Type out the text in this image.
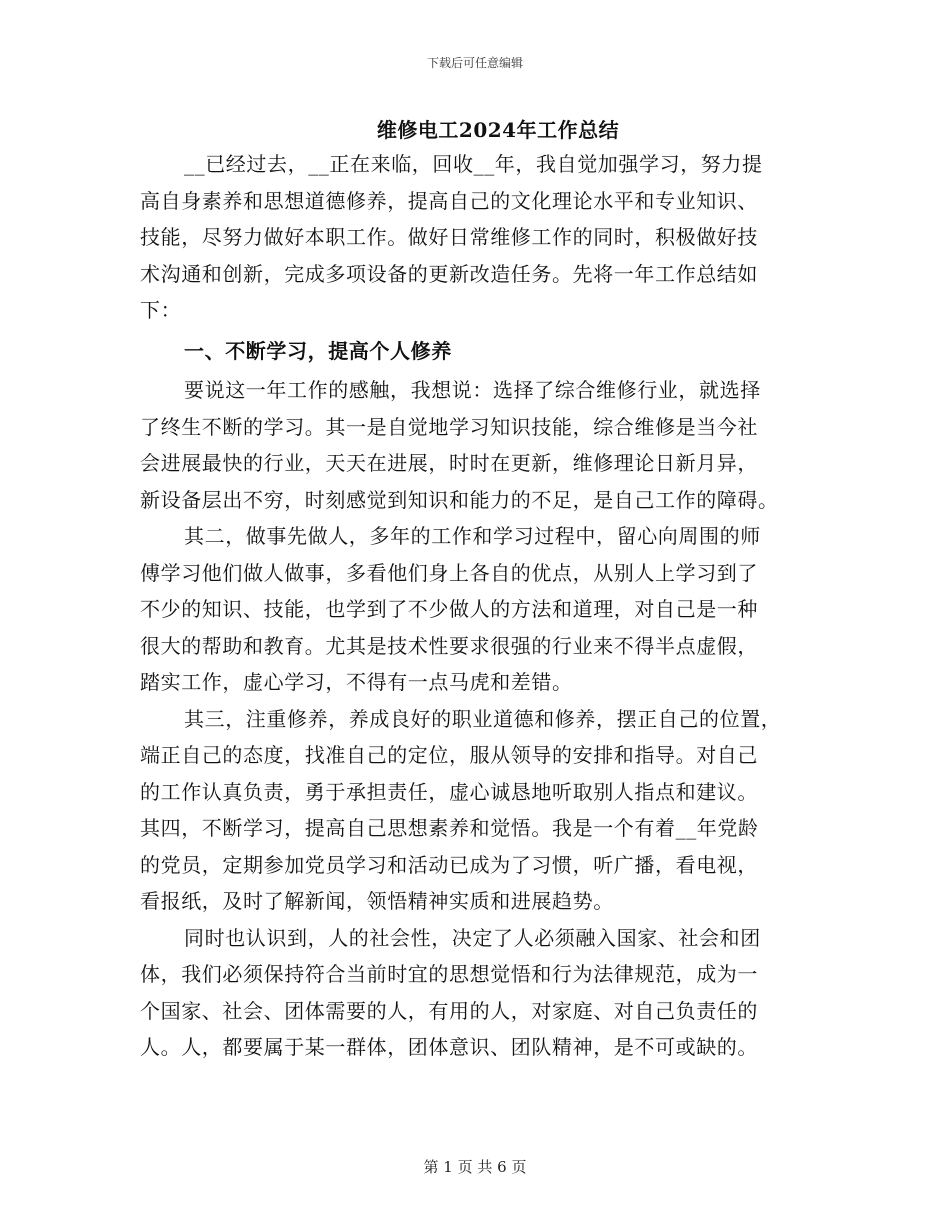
下载后可任意编辑
维修电工2024年工作总结
__已经过去，__正在来临，回收__年，我自觉加强学习，努力提
高自身素养和思想道德修养，提高自己的文化理论水平和专业知识、
技能，尽努力做好本职工作。做好日常维修工作的同时，积极做好技
术沟通和创新，完成多项设备的更新改造任务。先将一年工作总结如
下：
一、不断学习，提高个人修养
要说这一年工作的感触，我想说：选择了综合维修行业，就选择
了终生不断的学习。其一是自觉地学习知识技能，综合维修是当今社
会进展最快的行业，天天在进展，时时在更新，维修理论日新月异，
新设备层出不穷，时刻感觉到知识和能力的不足，是自己工作的障碍。
其二，做事先做人，多年的工作和学习过程中，留心向周围的师
傅学习他们做人做事，多看他们身上各自的优点，从别人上学习到了
不少的知识、技能，也学到了不少做人的方法和道理，对自己是一种
很大的帮助和教育。尤其是技术性要求很强的行业来不得半点虚假，
踏实工作，虚心学习，不得有一点马虎和差错。
其三，注重修养，养成良好的职业道德和修养，摆正自己的位置，
端正自己的态度，找准自己的定位，服从领导的安排和指导。对自己
的工作认真负责，勇于承担责任，虚心诚恳地听取别人指点和建议。
其四，不断学习，提高自己思想素养和觉悟。我是一个有着__年党龄
的党员，定期参加党员学习和活动已成为了习惯，听广播，看电视，
看报纸，及时了解新闻，领悟精神实质和进展趋势。
同时也认识到，人的社会性，决定了人必须融入国家、社会和团
体，我们必须保持符合当前时宜的思想觉悟和行为法律规范，成为一
个国家、社会、团体需要的人，有用的人，对家庭、对自己负责任的
人。人，都要属于某一群体，团体意识、团队精神，是不可或缺的。
第 1 页 共 6 页
